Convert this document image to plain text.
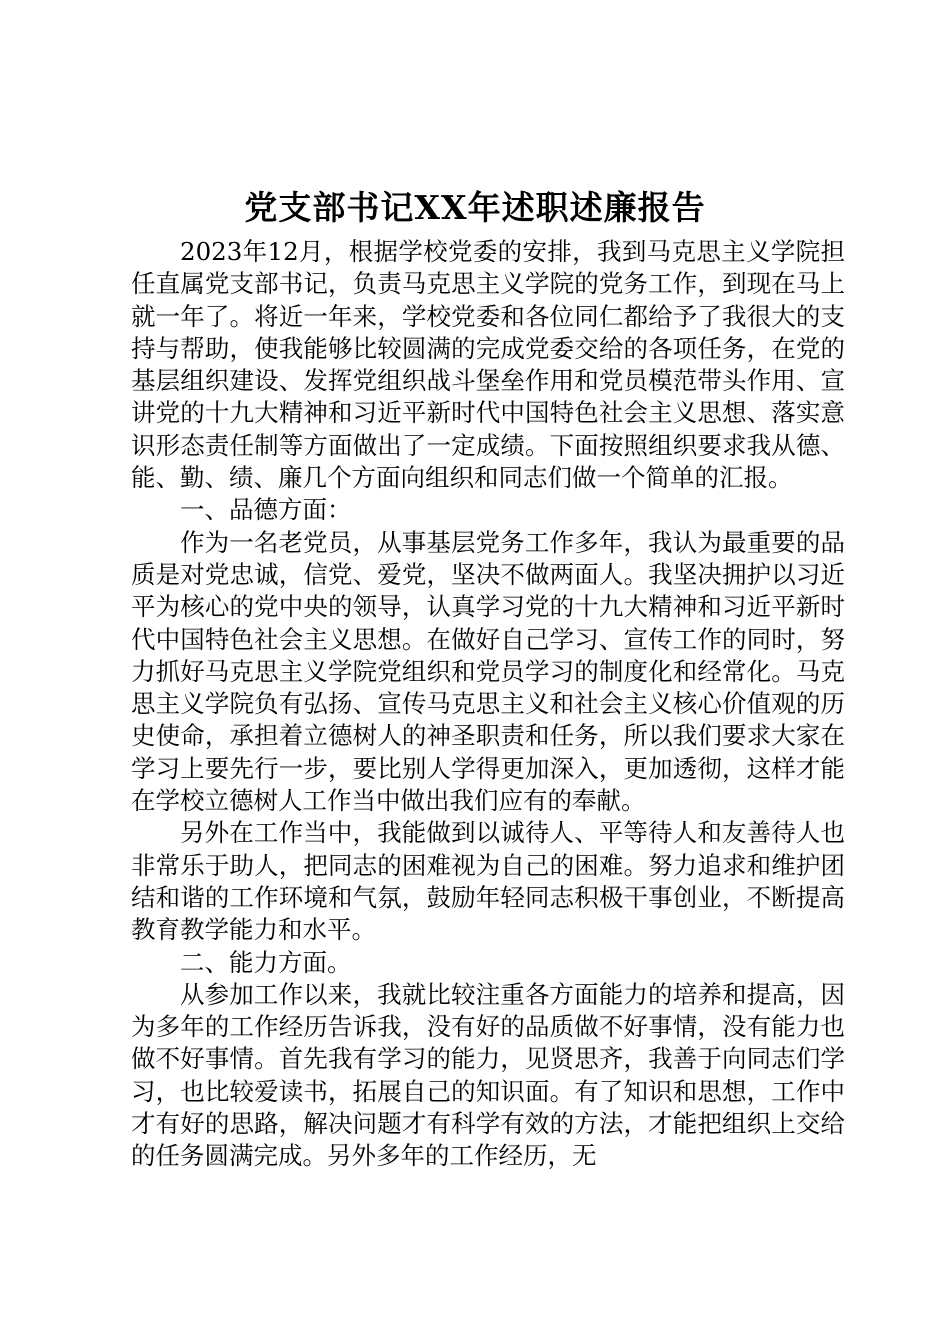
党支部书记XX年述职述廉报告

2023年12月，根据学校党委的安排，我到马克思主义学院担任直属党支部书记，负责马克思主义学院的党务工作，到现在马上就一年了。将近一年来，学校党委和各位同仁都给予了我很大的支持与帮助，使我能够比较圆满的完成党委交给的各项任务，在党的基层组织建设、发挥党组织战斗堡垒作用和党员模范带头作用、宣讲党的十九大精神和习近平新时代中国特色社会主义思想、落实意识形态责任制等方面做出了一定成绩。下面按照组织要求我从德、能、勤、绩、廉几个方面向组织和同志们做一个简单的汇报。

一、品德方面：

作为一名老党员，从事基层党务工作多年，我认为最重要的品质是对党忠诚，信党、爱党，坚决不做两面人。我坚决拥护以习近平为核心的党中央的领导，认真学习党的十九大精神和习近平新时代中国特色社会主义思想。在做好自己学习、宣传工作的同时，努力抓好马克思主义学院党组织和党员学习的制度化和经常化。马克思主义学院负有弘扬、宣传马克思主义和社会主义核心价值观的历史使命，承担着立德树人的神圣职责和任务，所以我们要求大家在学习上要先行一步，要比别人学得更加深入，更加透彻，这样才能在学校立德树人工作当中做出我们应有的奉献。

另外在工作当中，我能做到以诚待人、平等待人和友善待人也非常乐于助人，把同志的困难视为自己的困难。努力追求和维护团结和谐的工作环境和气氛，鼓励年轻同志积极干事创业，不断提高教育教学能力和水平。

二、能力方面。

从参加工作以来，我就比较注重各方面能力的培养和提高，因为多年的工作经历告诉我，没有好的品质做不好事情，没有能力也做不好事情。首先我有学习的能力，见贤思齐，我善于向同志们学习，也比较爱读书，拓展自己的知识面。有了知识和思想，工作中才有好的思路，解决问题才有科学有效的方法，才能把组织上交给的任务圆满完成。另外多年的工作经历，无
